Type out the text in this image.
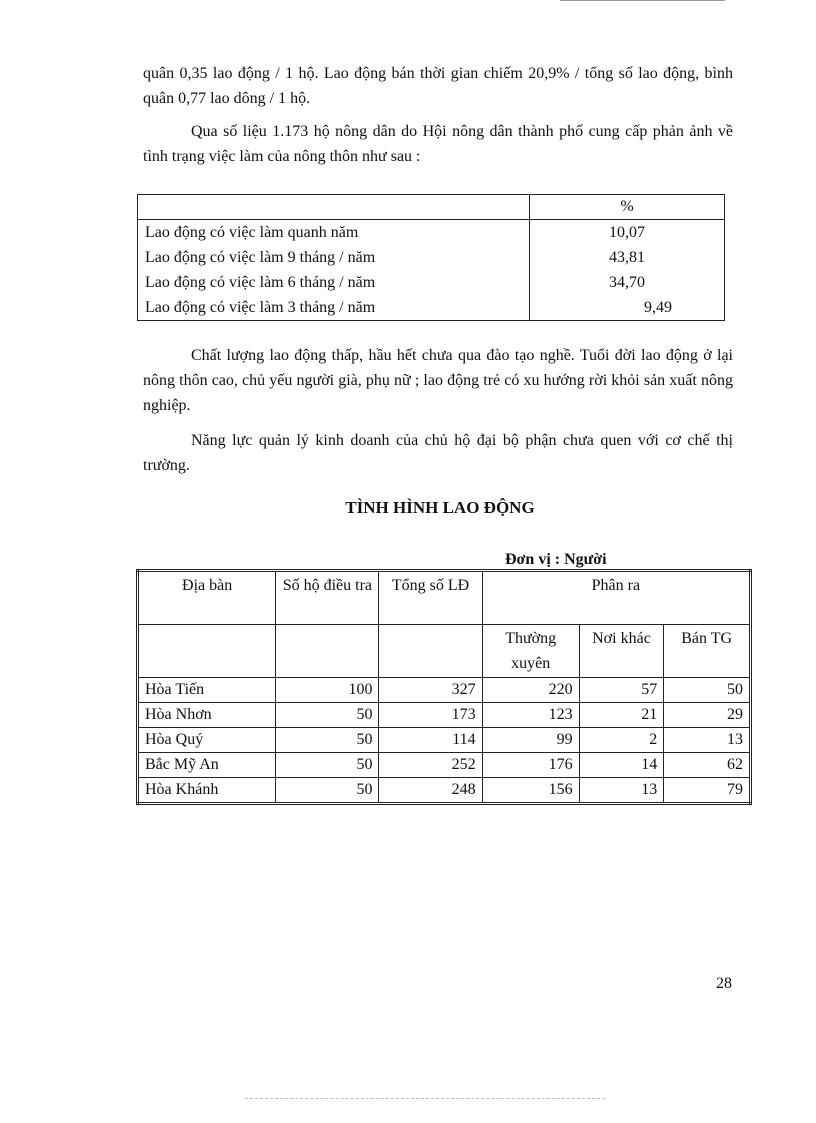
quân 0,35 lao động / 1 hộ. Lao động bán thời gian chiếm 20,9% / tổng số lao động, bình quân 0,77 lao dông / 1 hộ.

Qua số liệu 1.173 hộ nông dân do Hội nông dân thành phố cung cấp phản ảnh về tình trạng việc làm của nông thôn như sau :

	%
Lao động có việc làm quanh năm	10,07
Lao động có việc làm 9 tháng / năm	43,81
Lao động có việc làm 6 tháng / năm	34,70
Lao động có việc làm 3 tháng / năm	9,49

Chất lượng lao động thấp, hầu hết chưa qua đào tạo nghề. Tuổi đời lao động ở lại nông thôn cao, chủ yếu người già, phụ nữ ; lao động trẻ có xu hướng rời khỏi sản xuất nông nghiệp.

Năng lực quản lý kinh doanh của chủ hộ đại bộ phận chưa quen với cơ chế thị trường.

TÌNH HÌNH LAO ĐỘNG

Đơn vị : Người

Địa bàn	Số hộ điều tra	Tổng số LĐ	Phân ra		
			Thường xuyên	Nơi khác	Bán TG
Hòa Tiến	100	327	220	57	50
Hòa Nhơn	50	173	123	21	29
Hòa Quý	50	114	99	2	13
Bắc Mỹ An	50	252	176	14	62
Hòa Khánh	50	248	156	13	79

28
